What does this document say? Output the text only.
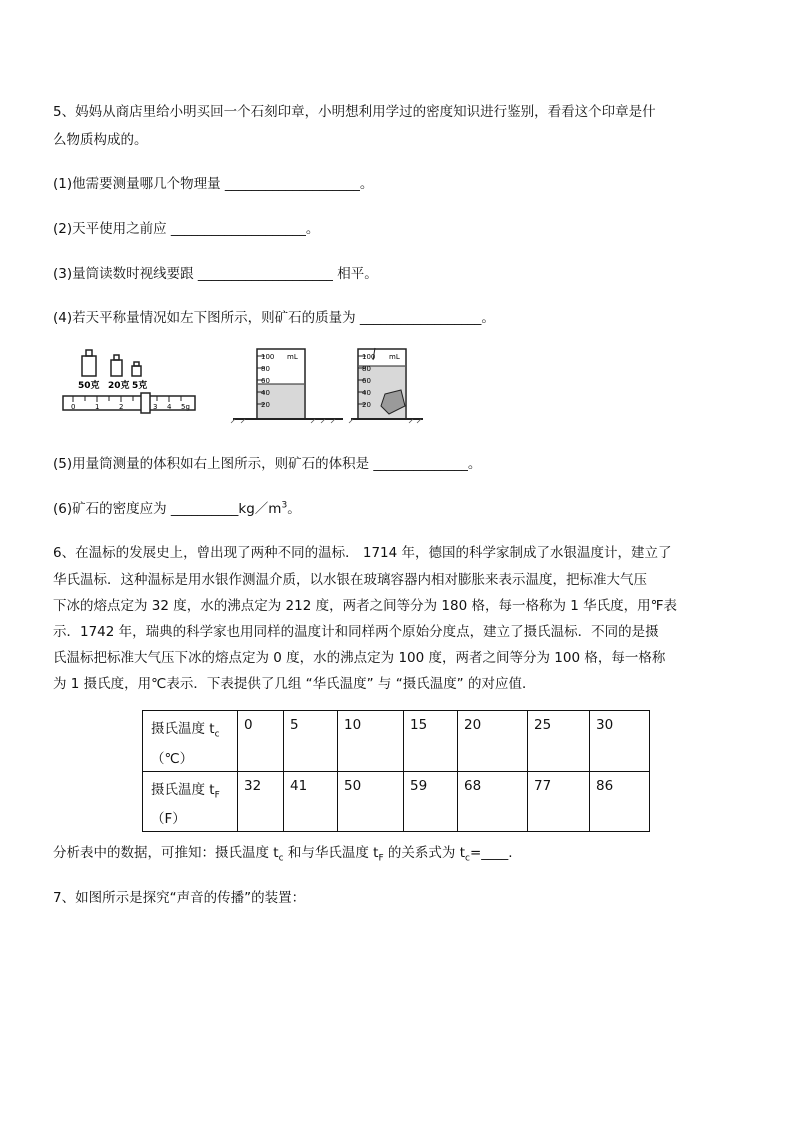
5、妈妈从商店里给小明买回一个石刻印章，小明想利用学过的密度知识进行鉴别，看看这个印章是什
么物质构成的。
(1)他需要测量哪几个物理量 ____________________。
(2)天平使用之前应 ____________________。
(3)量筒读数时视线要跟 ____________________ 相平。
(4)若天平称量情况如左下图所示，则矿石的质量为 __________________。
50克 20克 5克
0	1	2	3 4 5g
100
80
60
40
20
mL	100
80
60
40
20
mL
(5)用量筒测量的体积如右上图所示，则矿石的体积是 ______________。
(6)矿石的密度应为 $\_\_\_\_\_\_\_\_\_\_kg/m^3$。
6、在温标的发展史上，曾出现了两种不同的温标． 1714 年，德国的科学家制成了水银温度计，建立了
华氏温标．这种温标是用水银作测温介质，以水银在玻璃容器内相对膨胀来表示温度，把标准大气压
下冰的熔点定为 32 度，水的沸点定为 212 度，两者之间等分为 180 格，每一格称为 1 华氏度，用℉表
示．1742 年，瑞典的科学家也用同样的温度计和同样两个原始分度点，建立了摄氏温标．不同的是摄
氏温标把标准大气压下冰的熔点定为 0 度，水的沸点定为 100 度，两者之间等分为 100 格，每一格称
为 1 摄氏度，用℃表示．下表提供了几组 “华氏温度” 与 “摄氏温度” 的对应值．
摄氏温度 $t_c$
（℃）	0	5	10	15	20	25	30
摄氏温度 $t_F$
（F）	32	41	50	59	68	77	86
分析表中的数据，可推知：摄氏温度 $t_c$ 和与华氏温度 $t_F$ 的关系式为 $t_c=\_\_\_\_$.
7、如图所示是探究“声音的传播”的装置：
